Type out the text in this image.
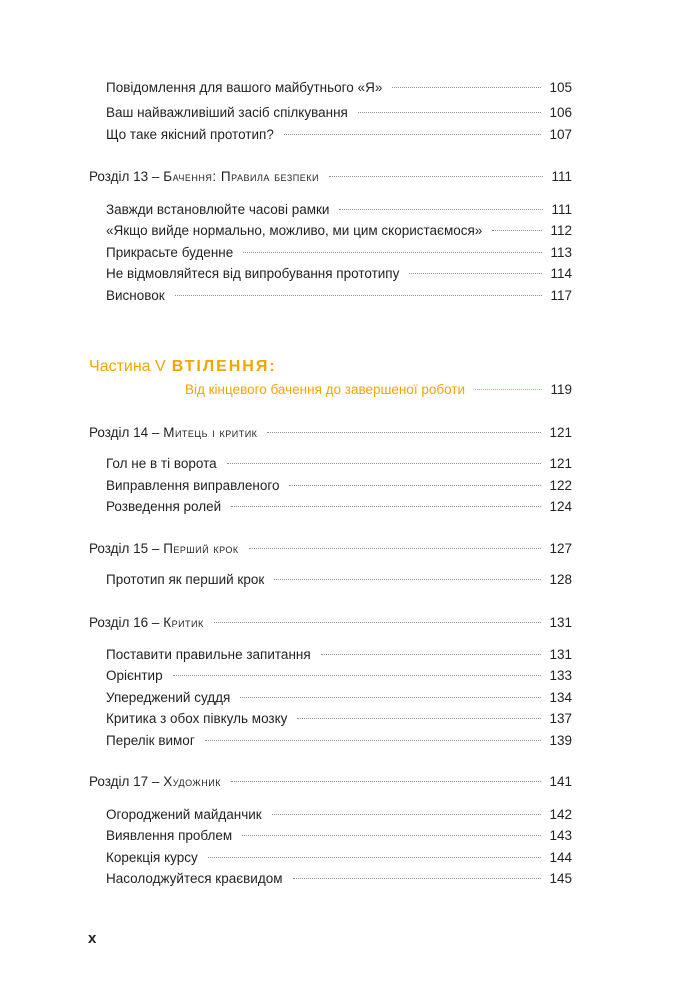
Повідомлення для вашого майбутнього «Я»	105
Ваш найважливіший засіб спілкування	106
Що таке якісний прототип?	107
Розділ 13 – Бачення: Правила безпеки	111
Завжди встановлюйте часові рамки	111
«Якщо вийде нормально, можливо, ми цим скористаємося»	112
Прикрасьте буденне	113
Не відмовляйтеся від випробування прототипу	114
Висновок	117
Частина V ВТІЛЕННЯ:
Від кінцевого бачення до завершеної роботи	119
Розділ 14 – Митець і критик	121
Гол не в ті ворота	121
Виправлення виправленого	122
Розведення ролей	124
Розділ 15 – Перший крок	127
Прототип як перший крок	128
Розділ 16 – Критик	131
Поставити правильне запитання	131
Орієнтир	133
Упереджений суддя	134
Критика з обох півкуль мозку	137
Перелік вимог	139
Розділ 17 – Художник	141
Огороджений майданчик	142
Виявлення проблем	143
Корекція курсу	144
Насолоджуйтеся краєвидом	145
x
